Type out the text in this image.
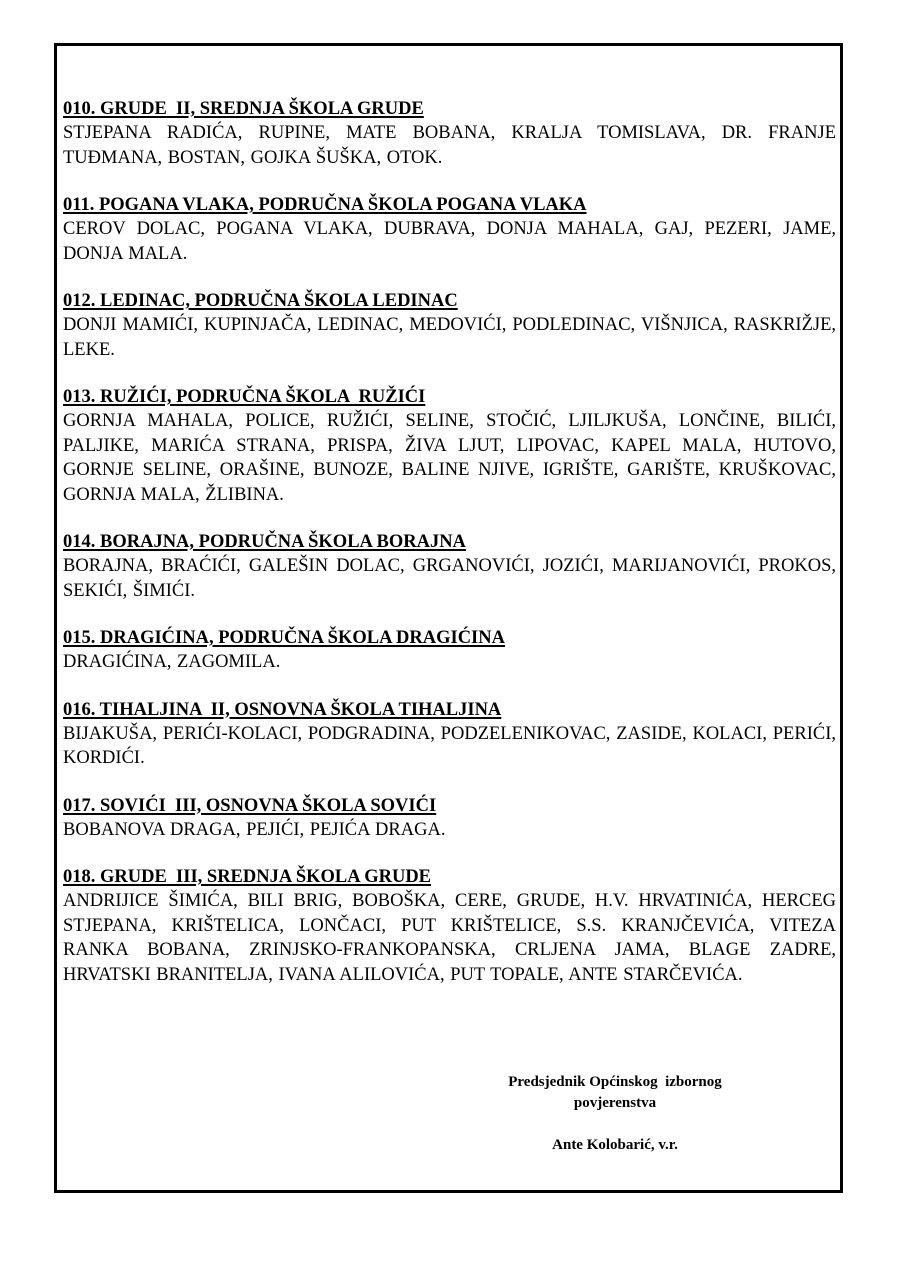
010. GRUDE  II, SREDNJA ŠKOLA GRUDE
STJEPANA RADIĆA, RUPINE, MATE BOBANA, KRALJA TOMISLAVA, DR. FRANJE TUĐMANA, BOSTAN, GOJKA ŠUŠKA, OTOK.
011. POGANA VLAKA, PODRUČNA ŠKOLA POGANA VLAKA
CEROV DOLAC, POGANA VLAKA, DUBRAVA, DONJA MAHALA, GAJ, PEZERI, JAME, DONJA MALA.
012. LEDINAC, PODRUČNA ŠKOLA LEDINAC
DONJI MAMIĆI, KUPINJAČA, LEDINAC, MEDOVIĆI, PODLEDINAC, VIŠNJICA, RASKRIŽJE, LEKE.
013. RUŽIĆI, PODRUČNA ŠKOLA  RUŽIĆI
GORNJA MAHALA, POLICE, RUŽIĆI, SELINE, STOČIĆ, LJILJKUŠA, LONČINE, BILIĆI, PALJIKE, MARIĆA STRANA, PRISPA, ŽIVA LJUT, LIPOVAC, KAPEL MALA, HUTOVO, GORNJE SELINE, ORAŠINE, BUNOZE, BALINE NJIVE, IGRIŠTE, GARIŠTE, KRUŠKOVAC, GORNJA MALA, ŽLIBINA.
014. BORAJNA, PODRUČNA ŠKOLA BORAJNA
BORAJNA, BRAĆIĆI, GALEŠIN DOLAC, GRGANOVIĆI, JOZIĆI, MARIJANOVIĆI, PROKOS, SEKIĆI, ŠIMIĆI.
015. DRAGIĆINA, PODRUČNA ŠKOLA DRAGIĆINA
DRAGIĆINA, ZAGOMILA.
016. TIHALJINA  II, OSNOVNA ŠKOLA TIHALJINA
BIJAKUŠA, PERIĆI-KOLACI, PODGRADINA, PODZELENIKOVAC, ZASIDE, KOLACI, PERIĆI, KORDIĆI.
017. SOVIĆI  III, OSNOVNA ŠKOLA SOVIĆI
BOBANOVA DRAGA, PEJIĆI, PEJIĆA DRAGA.
018. GRUDE  III, SREDNJA ŠKOLA GRUDE
ANDRIJICE ŠIMIĆA, BILI BRIG, BOBOŠKA, CERE, GRUDE, H.V. HRVATINIĆA, HERCEG STJEPANA, KRIŠTELICA, LONČACI, PUT KRIŠTELICE, S.S. KRANJČEVIĆA, VITEZA RANKA BOBANA, ZRINJSKO-FRANKOPANSKA, CRLJENA JAMA, BLAGE ZADRE, HRVATSKI BRANITELJA, IVANA ALILOVIĆA, PUT TOPALE, ANTE STARČEVIĆA.
Predsjednik Općinskog  izbornog
povjerenstva
Ante Kolobarić, v.r.
